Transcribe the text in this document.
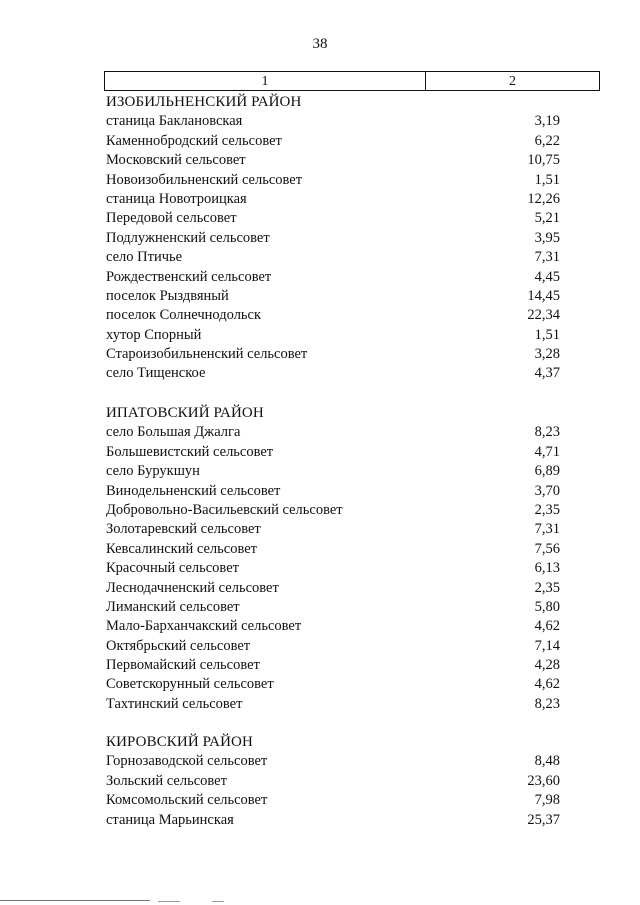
38
1	2
ИЗОБИЛЬНЕНСКИЙ РАЙОН
станица Баклановская	3,19
Каменнобродский сельсовет	6,22
Московский сельсовет	10,75
Новоизобильненский сельсовет	1,51
станица Новотроицкая	12,26
Передовой сельсовет	5,21
Подлужненский сельсовет	3,95
село Птичье	7,31
Рождественский сельсовет	4,45
поселок Рыздвяный	14,45
поселок Солнечнодольск	22,34
хутор Спорный	1,51
Староизобильненский сельсовет	3,28
село Тищенское	4,37
ИПАТОВСКИЙ РАЙОН
село Большая Джалга	8,23
Большевистский сельсовет	4,71
село Бурукшун	6,89
Винодельненский сельсовет	3,70
Добровольно-Васильевский сельсовет	2,35
Золотаревский сельсовет	7,31
Кевсалинский сельсовет	7,56
Красочный сельсовет	6,13
Леснодачненский сельсовет	2,35
Лиманский сельсовет	5,80
Мало-Барханчакский сельсовет	4,62
Октябрьский сельсовет	7,14
Первомайский сельсовет	4,28
Советскорунный сельсовет	4,62
Тахтинский сельсовет	8,23
КИРОВСКИЙ РАЙОН
Горнозаводской сельсовет	8,48
Зольский сельсовет	23,60
Комсомольский сельсовет	7,98
станица Марьинская	25,37
